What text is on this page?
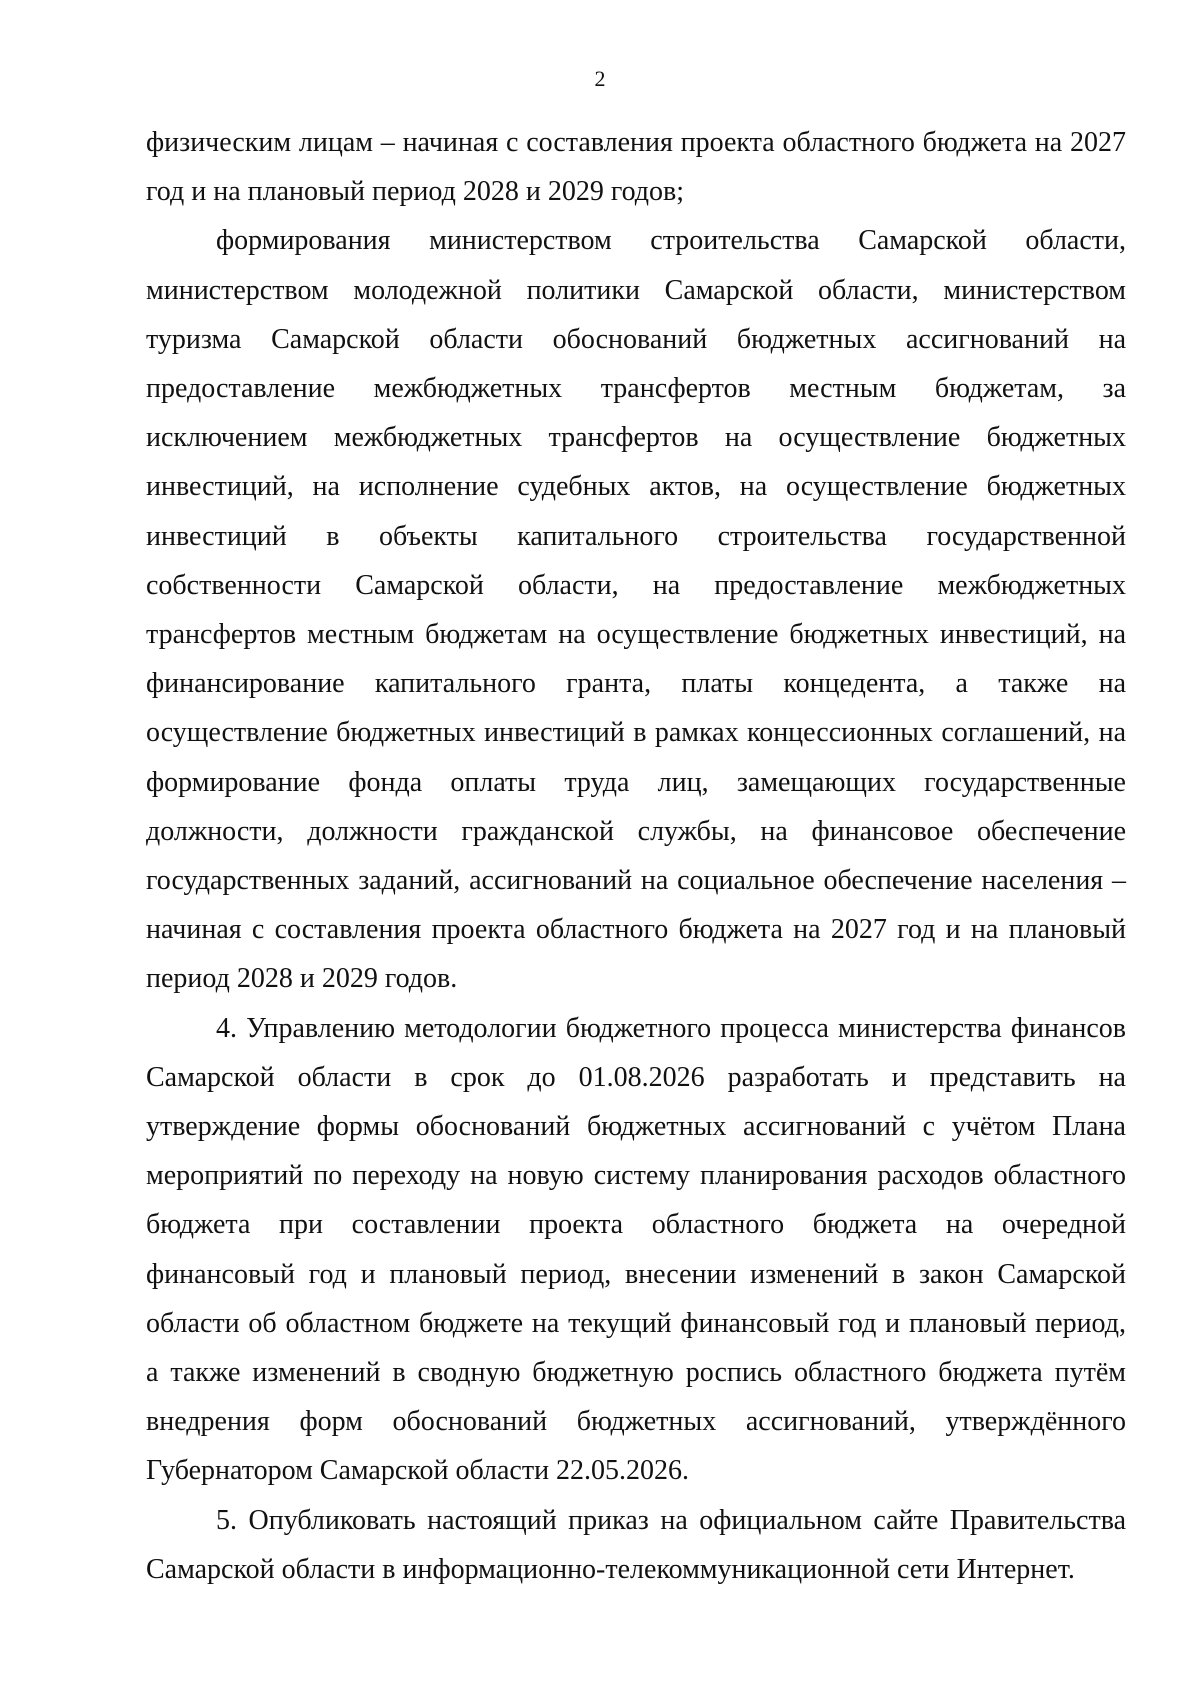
2

физическим лицам – начиная с составления проекта областного бюджета на 2027 год и на плановый период 2028 и 2029 годов;

формирования министерством строительства Самарской области, министерством молодежной политики Самарской области, министерством туризма Самарской области обоснований бюджетных ассигнований на предоставление межбюджетных трансфертов местным бюджетам, за исключением межбюджетных трансфертов на осуществление бюджетных инвестиций, на исполнение судебных актов, на осуществление бюджетных инвестиций в объекты капитального строительства государственной собственности Самарской области, на предоставление межбюджетных трансфертов местным бюджетам на осуществление бюджетных инвестиций, на финансирование капитального гранта, платы концедента, а также на осуществление бюджетных инвестиций в рамках концессионных соглашений, на формирование фонда оплаты труда лиц, замещающих государственные должности, должности гражданской службы, на финансовое обеспечение государственных заданий, ассигнований на социальное обеспечение населения – начиная с составления проекта областного бюджета на 2027 год и на плановый период 2028 и 2029 годов.

4. Управлению методологии бюджетного процесса министерства финансов Самарской области в срок до 01.08.2026 разработать и представить на утверждение формы обоснований бюджетных ассигнований с учётом Плана мероприятий по переходу на новую систему планирования расходов областного бюджета при составлении проекта областного бюджета на очередной финансовый год и плановый период, внесении изменений в закон Самарской области об областном бюджете на текущий финансовый год и плановый период, а также изменений в сводную бюджетную роспись областного бюджета путём внедрения форм обоснований бюджетных ассигнований, утверждённого Губернатором Самарской области 22.05.2026.

5. Опубликовать настоящий приказ на официальном сайте Правительства Самарской области в информационно-телекоммуникационной сети Интернет.
